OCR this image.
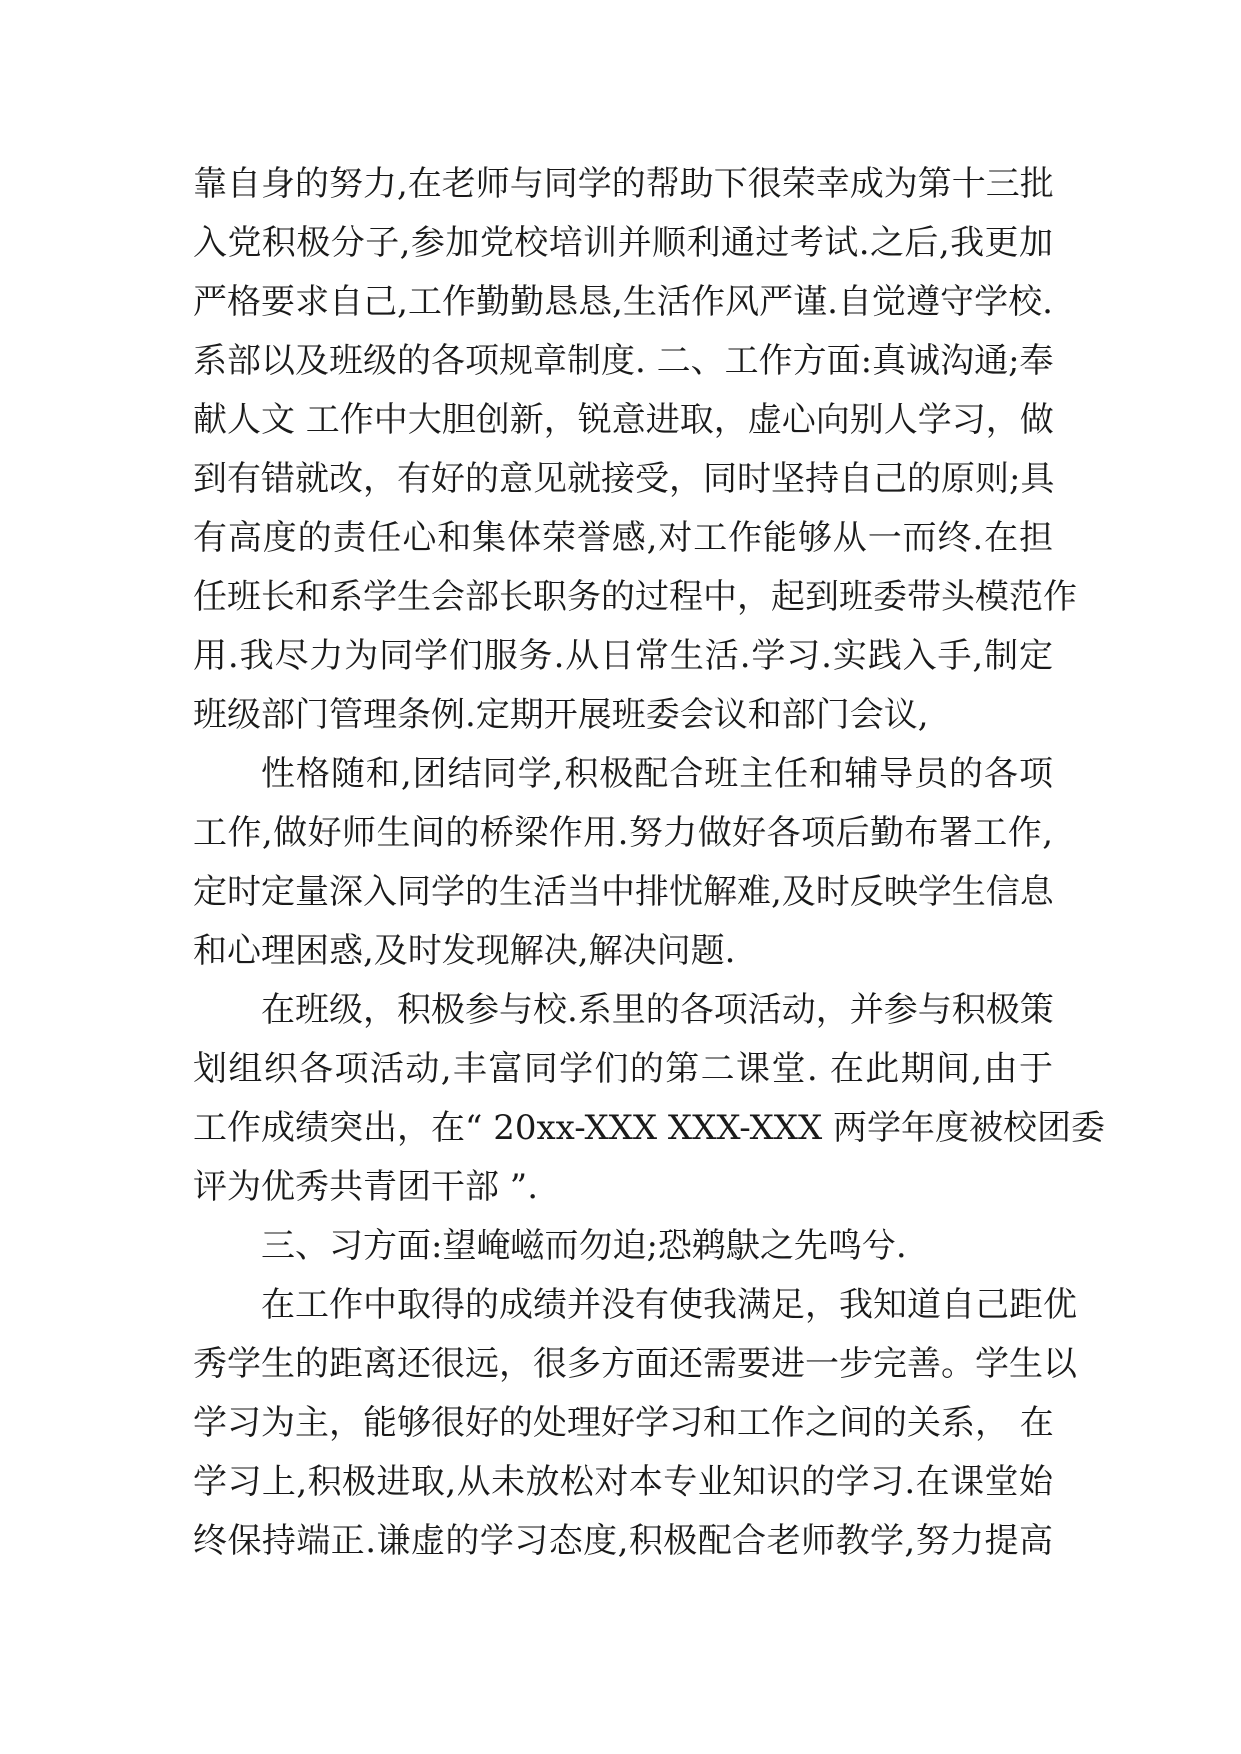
靠自身的努力,在老师与同学的帮助下很荣幸成为第十三批
入党积极分子,参加党校培训并顺利通过考试.之后,我更加
严格要求自己,工作勤勤恳恳,生活作风严谨.自觉遵守学校.
系部以及班级的各项规章制度. 二、工作方面:真诚沟通;奉
献人文 工作中大胆创新，锐意进取，虚心向别人学习，做
到有错就改，有好的意见就接受，同时坚持自己的原则;具
有高度的责任心和集体荣誉感,对工作能够从一而终.在担
任班长和系学生会部长职务的过程中，起到班委带头模范作
用.我尽力为同学们服务.从日常生活.学习.实践入手,制定
班级部门管理条例.定期开展班委会议和部门会议,
性格随和,团结同学,积极配合班主任和辅导员的各项
工作,做好师生间的桥梁作用.努力做好各项后勤布署工作,
定时定量深入同学的生活当中排忧解难,及时反映学生信息
和心理困惑,及时发现解决,解决问题.
在班级，积极参与校.系里的各项活动，并参与积极策
划组织各项活动,丰富同学们的第二课堂. 在此期间,由于
工作成绩突出，在“ 20xx-XXX XXX-XXX 两学年度被校团委
评为优秀共青团干部 ”.
三、习方面:望崦嵫而勿迫;恐鹈鴃之先鸣兮.
在工作中取得的成绩并没有使我满足，我知道自己距优
秀学生的距离还很远，很多方面还需要进一步完善。学生以
学习为主，能够很好的处理好学习和工作之间的关系， 在
学习上,积极进取,从未放松对本专业知识的学习.在课堂始
终保持端正.谦虚的学习态度,积极配合老师教学,努力提高
